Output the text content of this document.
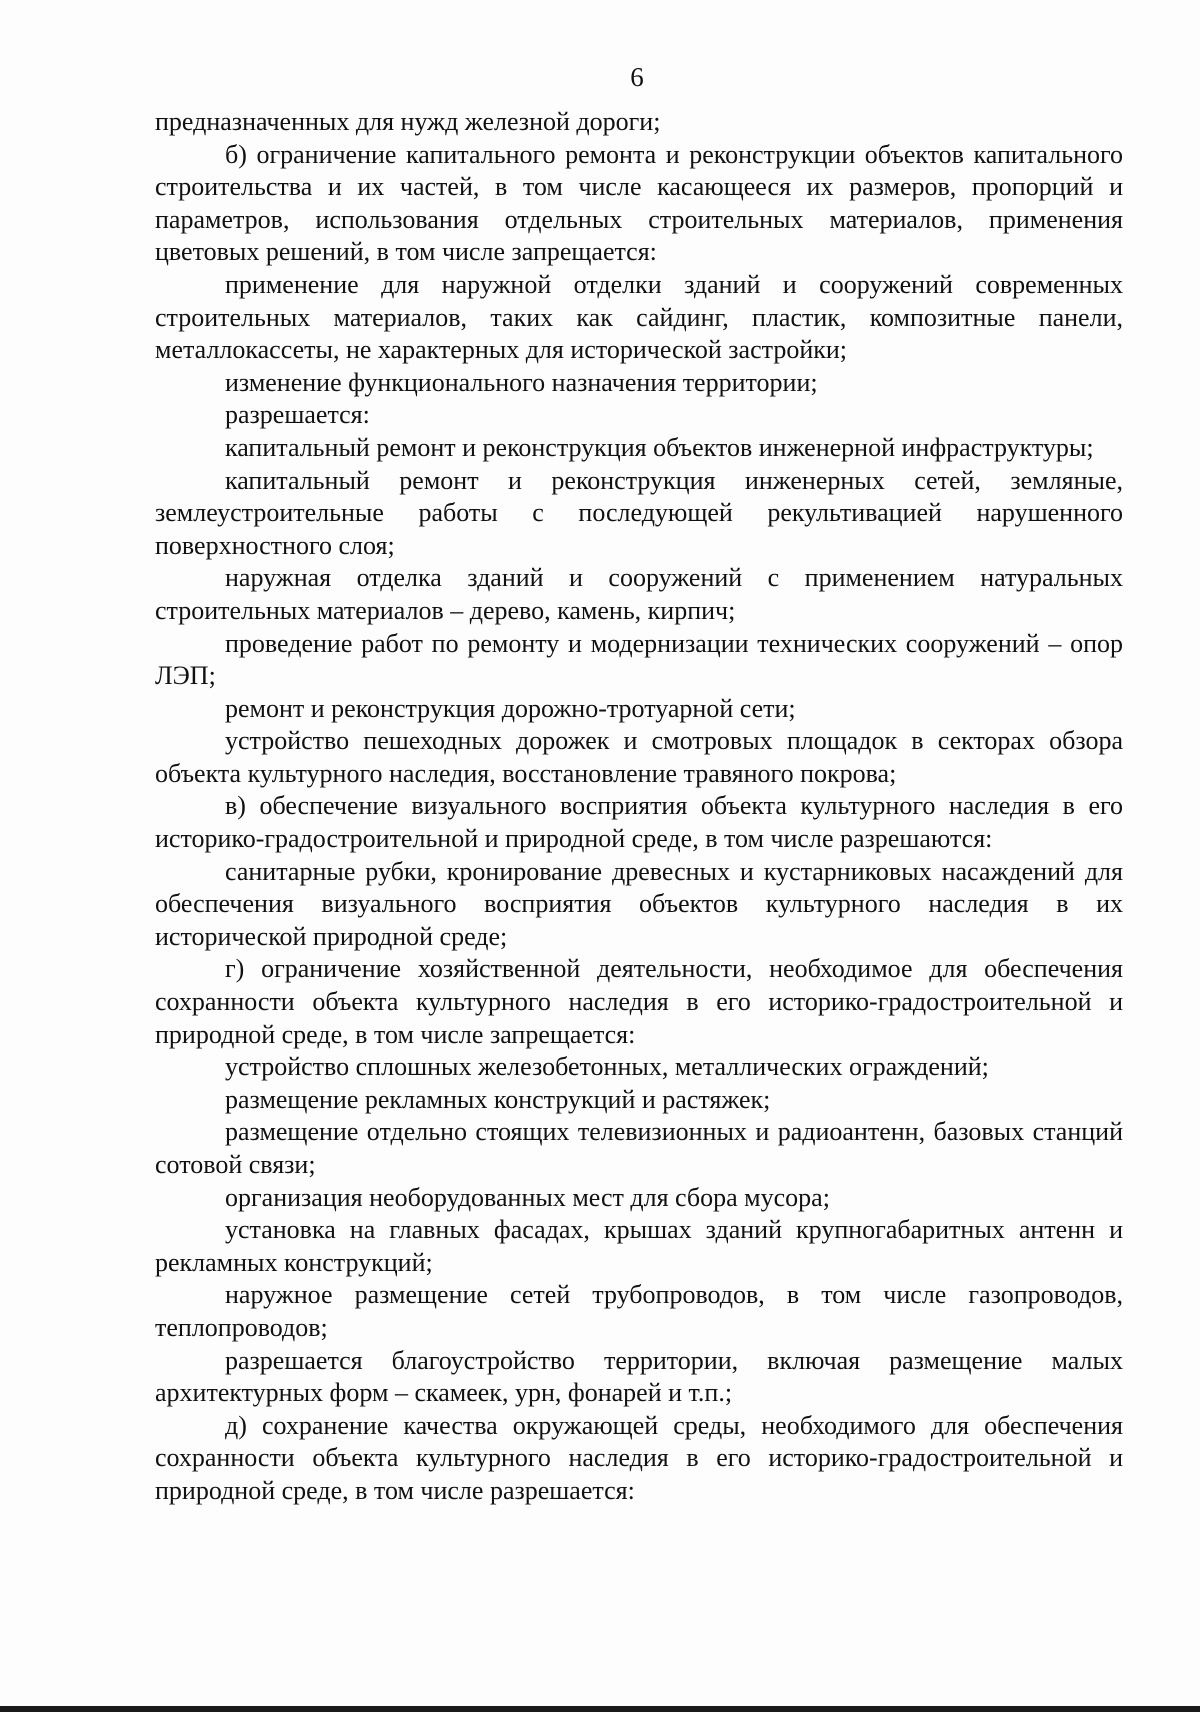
6

предназначенных для нужд железной дороги;

б) ограничение капитального ремонта и реконструкции объектов капитального строительства и их частей, в том числе касающееся их размеров, пропорций и параметров, использования отдельных строительных материалов, применения цветовых решений, в том числе запрещается:

применение для наружной отделки зданий и сооружений современных строительных материалов, таких как сайдинг, пластик, композитные панели, металлокассеты, не характерных для исторической застройки;

изменение функционального назначения территории;

разрешается:

капитальный ремонт и реконструкция объектов инженерной инфраструктуры;

капитальный ремонт и реконструкция инженерных сетей, земляные, землеустроительные работы с последующей рекультивацией нарушенного поверхностного слоя;

наружная отделка зданий и сооружений с применением натуральных строительных материалов – дерево, камень, кирпич;

проведение работ по ремонту и модернизации технических сооружений – опор ЛЭП;

ремонт и реконструкция дорожно-тротуарной сети;

устройство пешеходных дорожек и смотровых площадок в секторах обзора объекта культурного наследия, восстановление травяного покрова;

в) обеспечение визуального восприятия объекта культурного наследия в его историко-градостроительной и природной среде, в том числе разрешаются:

санитарные рубки, кронирование древесных и кустарниковых насаждений для обеспечения визуального восприятия объектов культурного наследия в их исторической природной среде;

г) ограничение хозяйственной деятельности, необходимое для обеспечения сохранности объекта культурного наследия в его историко-градостроительной и природной среде, в том числе запрещается:

устройство сплошных железобетонных, металлических ограждений;

размещение рекламных конструкций и растяжек;

размещение отдельно стоящих телевизионных и радиоантенн, базовых станций сотовой связи;

организация необорудованных мест для сбора мусора;

установка на главных фасадах, крышах зданий крупногабаритных антенн и рекламных конструкций;

наружное размещение сетей трубопроводов, в том числе газопроводов, теплопроводов;

разрешается благоустройство территории, включая размещение малых архитектурных форм – скамеек, урн, фонарей и т.п.;

д) сохранение качества окружающей среды, необходимого для обеспечения сохранности объекта культурного наследия в его историко-градостроительной и природной среде, в том числе разрешается:
